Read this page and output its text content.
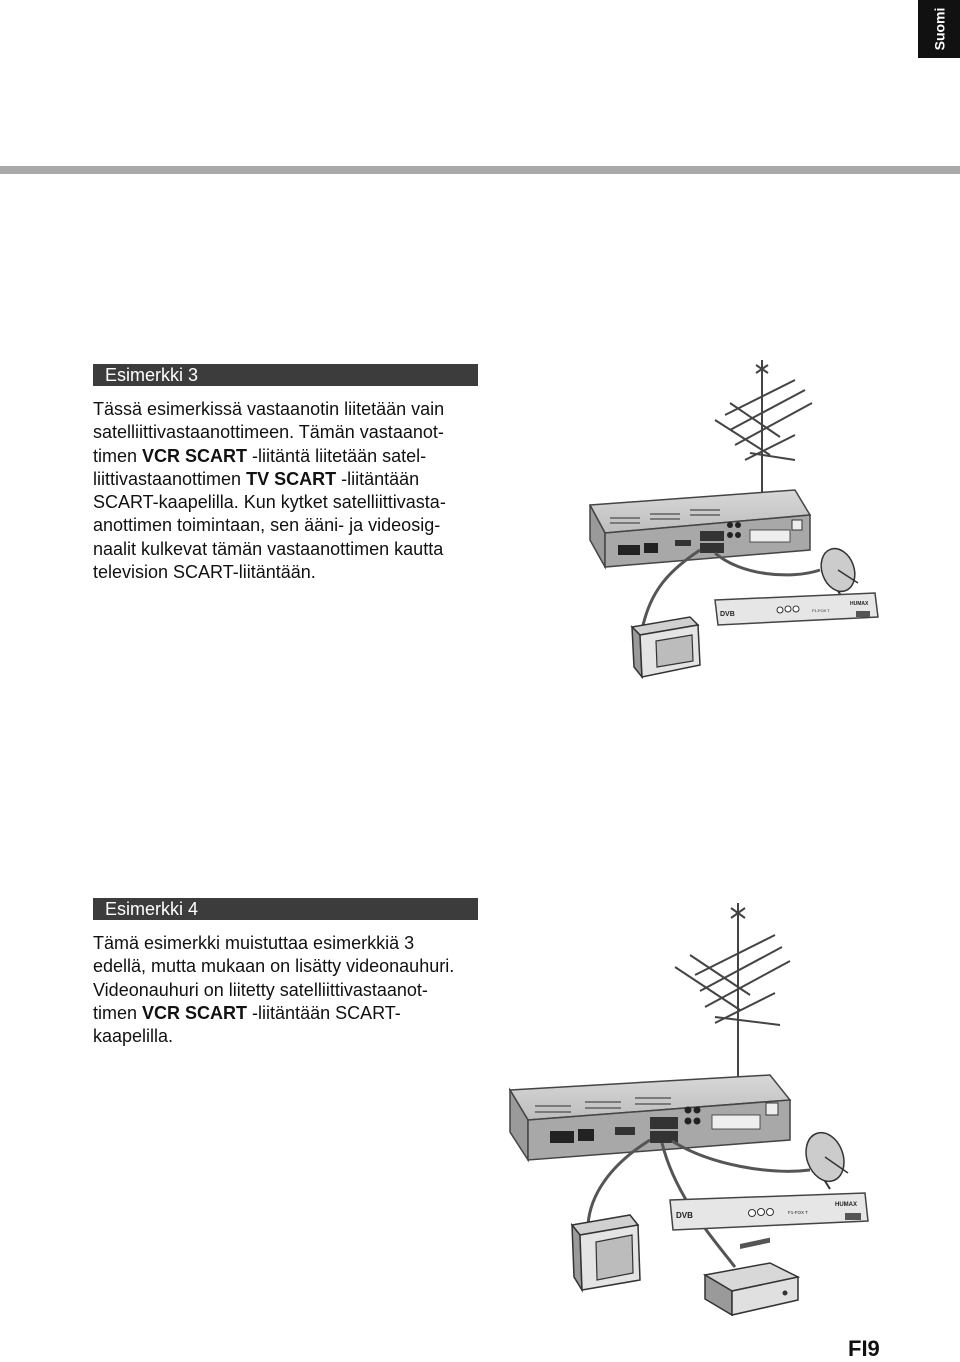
Suomi
Esimerkki 3

Tässä esimerkissä vastaanotin liitetään vain
satelliittivastaanottimeen. Tämän vastaanot-
timen VCR SCART -liitäntä liitetään satel-
liittivastaanottimen TV SCART -liitäntään
SCART-kaapelilla. Kun kytket satelliittivasta-
anottimen toimintaan, sen ääni- ja videosig-
naalit kulkevat tämän vastaanottimen kautta
television SCART-liitäntään.

DVB
HUMAX
F1-FOX T
Esimerkki 4

Tämä esimerkki muistuttaa esimerkkiä 3
edellä, mutta mukaan on lisätty videonauhuri.
Videonauhuri on liitetty satelliittivastaanot-
timen VCR SCART -liitäntään SCART-
kaapelilla.

DVB
HUMAX
F1-FOX T
FI9
